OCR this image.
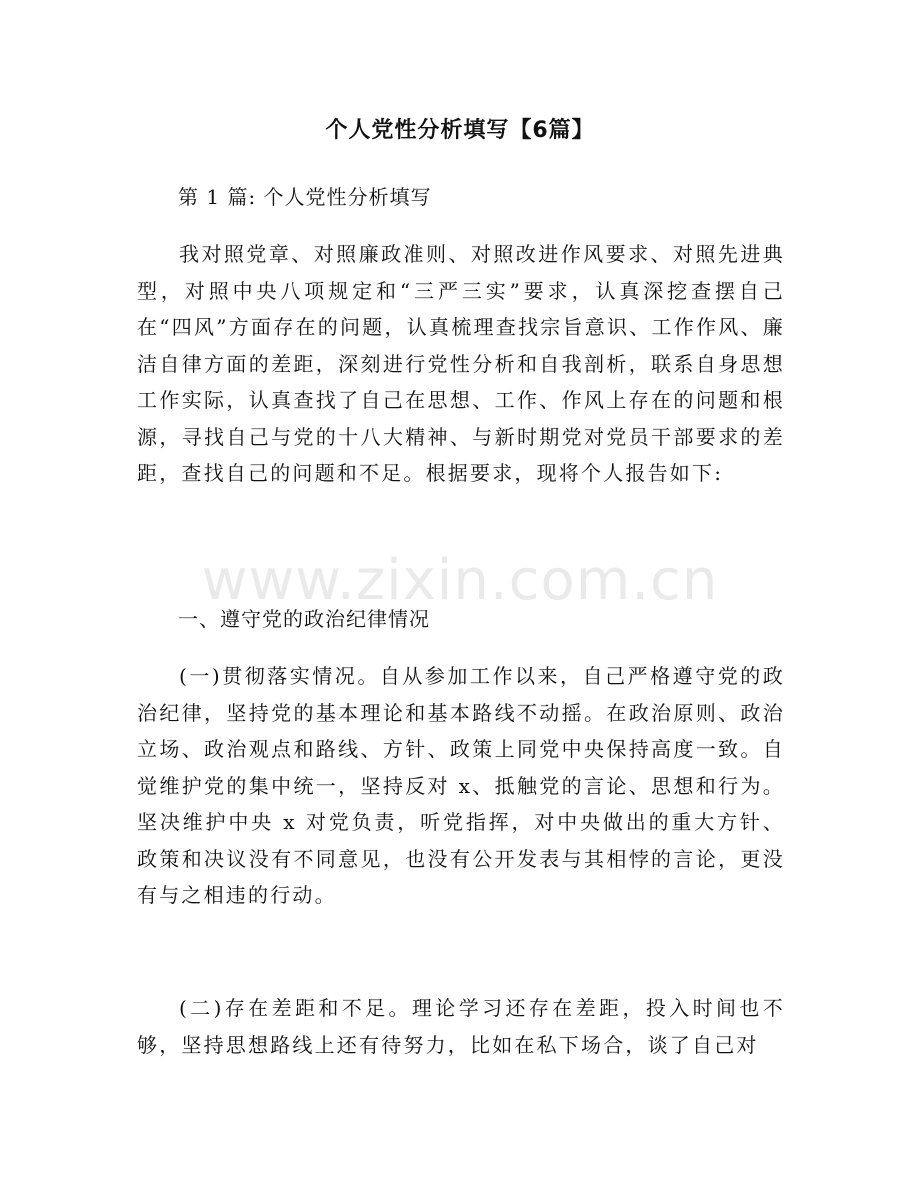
www.zixin.com.cn
个人党性分析填写【6篇】
第 1 篇: 个人党性分析填写
我对照党章、对照廉政准则、对照改进作风要求、对照先进典型，对照中央八项规定和“三严三实”要求，认真深挖查摆自己在“四风”方面存在的问题，认真梳理查找宗旨意识、工作作风、廉洁自律方面的差距，深刻进行党性分析和自我剖析，联系自身思想工作实际，认真查找了自己在思想、工作、作风上存在的问题和根源，寻找自己与党的十八大精神、与新时期党对党员干部要求的差距，查找自己的问题和不足。根据要求，现将个人报告如下:
一、遵守党的政治纪律情况
(一)贯彻落实情况。自从参加工作以来，自己严格遵守党的政治纪律，坚持党的基本理论和基本路线不动摇。在政治原则、政治立场、政治观点和路线、方针、政策上同党中央保持高度一致。自觉维护党的集中统一，坚持反对 x、抵触党的言论、思想和行为。坚决维护中央 x 对党负责，听党指挥，对中央做出的重大方针、政策和决议没有不同意见，也没有公开发表与其相悖的言论，更没有与之相违的行动。
(二)存在差距和不足。理论学习还存在差距，投入时间也不够，坚持思想路线上还有待努力，比如在私下场合，谈了自己对
